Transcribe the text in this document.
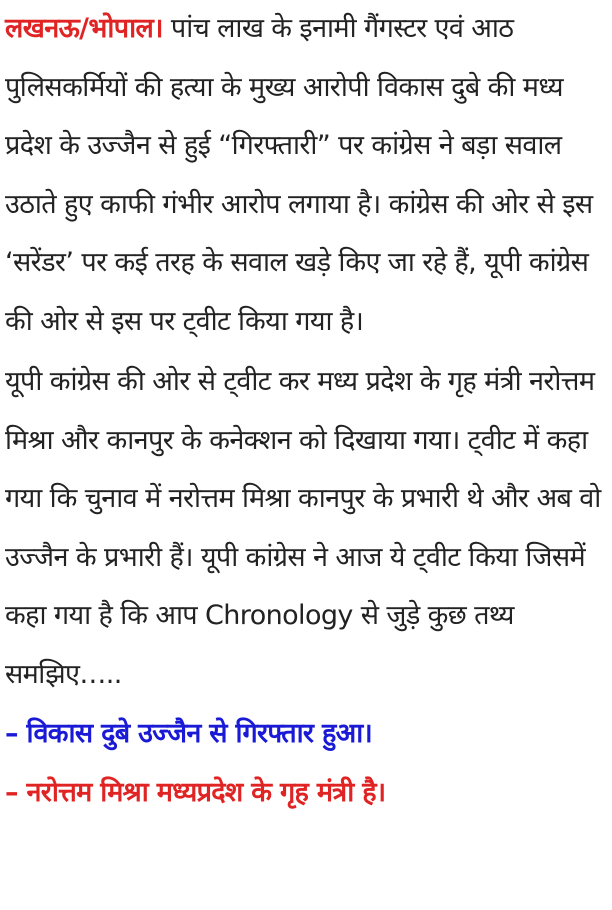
लखनऊ/भोपाल। पांच लाख के इनामी गैंगस्टर एवं आठ पुलिसकर्मियों की हत्या के मुख्य आरोपी विकास दुबे की मध्य प्रदेश के उज्जैन से हुई “गिरफ्तारी” पर कांग्रेस ने बड़ा सवाल उठाते हुए काफी गंभीर आरोप लगाया है। कांग्रेस की ओर से इस ‘सरेंडर’ पर कई तरह के सवाल खड़े किए जा रहे हैं, यूपी कांग्रेस की ओर से इस पर ट्वीट किया गया है।

यूपी कांग्रेस की ओर से ट्वीट कर मध्य प्रदेश के गृह मंत्री नरोत्तम मिश्रा और कानपुर के कनेक्शन को दिखाया गया। ट्वीट में कहा गया कि चुनाव में नरोत्तम मिश्रा कानपुर के प्रभारी थे और अब वो उज्जैन के प्रभारी हैं। यूपी कांग्रेस ने आज ये ट्वीट किया जिसमें कहा गया है कि आप Chronology से जुड़े कुछ तथ्य समझिए…..

– विकास दुबे उज्जैन से गिरफ्तार हुआ।

– नरोत्तम मिश्रा मध्यप्रदेश के गृह मंत्री है।
